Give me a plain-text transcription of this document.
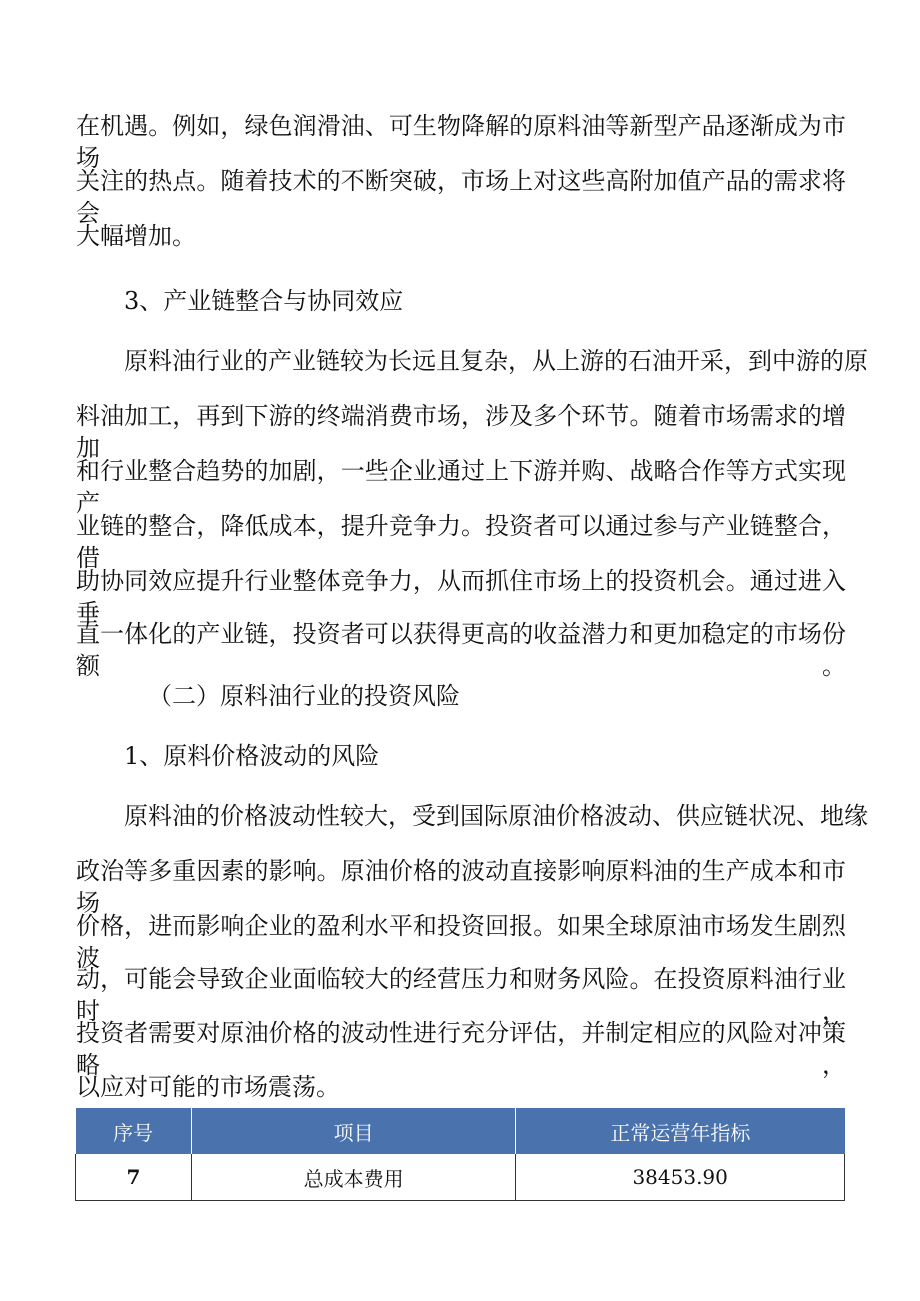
在机遇。例如，绿色润滑油、可生物降解的原料油等新型产品逐渐成为市场
关注的热点。随着技术的不断突破，市场上对这些高附加值产品的需求将会
大幅增加。
3、产业链整合与协同效应
原料油行业的产业链较为长远且复杂，从上游的石油开采，到中游的原
料油加工，再到下游的终端消费市场，涉及多个环节。随着市场需求的增加
和行业整合趋势的加剧，一些企业通过上下游并购、战略合作等方式实现产
业链的整合，降低成本，提升竞争力。投资者可以通过参与产业链整合，借
助协同效应提升行业整体竞争力，从而抓住市场上的投资机会。通过进入垂
直一体化的产业链，投资者可以获得更高的收益潜力和更加稳定的市场份额。
（二）原料油行业的投资风险
1、原料价格波动的风险
原料油的价格波动性较大，受到国际原油价格波动、供应链状况、地缘
政治等多重因素的影响。原油价格的波动直接影响原料油的生产成本和市场
价格，进而影响企业的盈利水平和投资回报。如果全球原油市场发生剧烈波
动，可能会导致企业面临较大的经营压力和财务风险。在投资原料油行业时，
投资者需要对原油价格的波动性进行充分评估，并制定相应的风险对冲策略，
以应对可能的市场震荡。
序号	项目	正常运营年指标
7	总成本费用	38453.90
